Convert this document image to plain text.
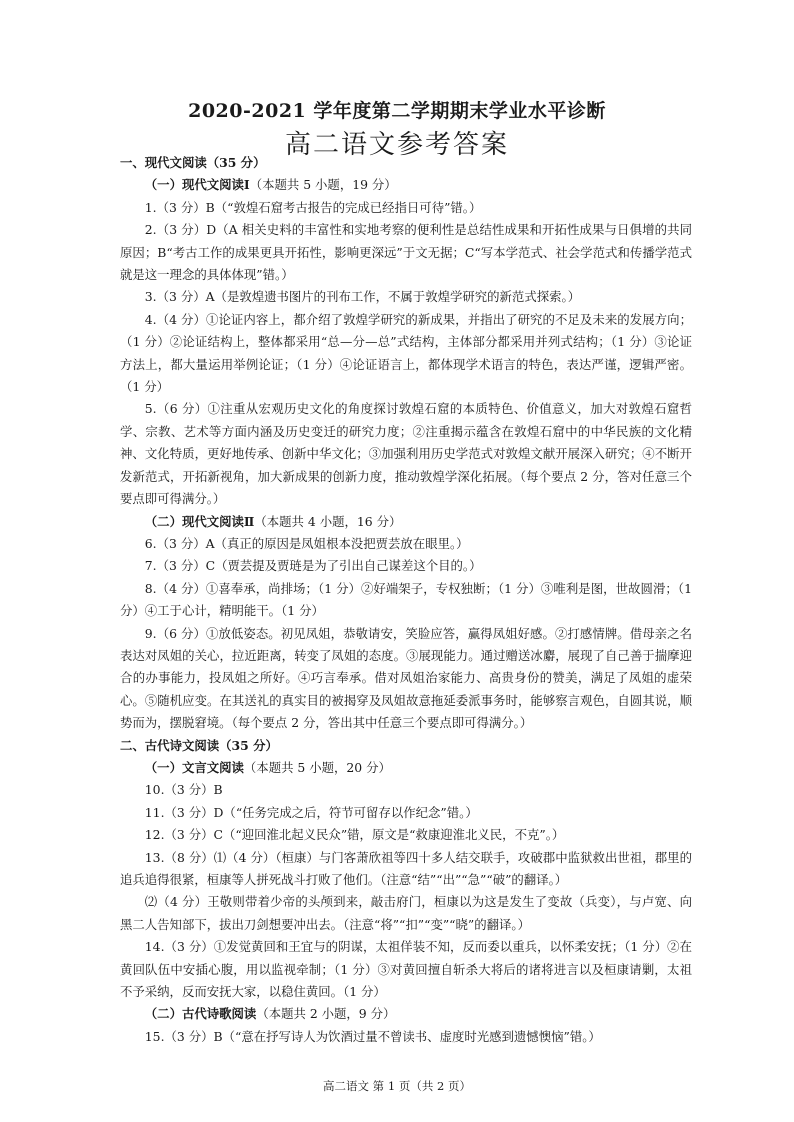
2020-2021 学年度第二学期期末学业水平诊断
高二语文参考答案

一、现代文阅读（35 分）

（一）现代文阅读Ⅰ（本题共 5 小题，19 分）

1.（3 分）B（“敦煌石窟考古报告的完成已经指日可待”错。）

2.（3 分）D（A 相关史料的丰富性和实地考察的便利性是总结性成果和开拓性成果与日俱增的共同原因；B“考古工作的成果更具开拓性，影响更深远”于文无据；C“写本学范式、社会学范式和传播学范式就是这一理念的具体体现”错。）

3.（3 分）A（是敦煌遗书图片的刊布工作，不属于敦煌学研究的新范式探索。）

4.（4 分）①论证内容上，都介绍了敦煌学研究的新成果，并指出了研究的不足及未来的发展方向；（1 分）②论证结构上，整体都采用“总—分—总”式结构，主体部分都采用并列式结构；（1 分）③论证方法上，都大量运用举例论证；（1 分）④论证语言上，都体现学术语言的特色，表达严谨，逻辑严密。（1 分）

5.（6 分）①注重从宏观历史文化的角度探讨敦煌石窟的本质特色、价值意义，加大对敦煌石窟哲学、宗教、艺术等方面内涵及历史变迁的研究力度；②注重揭示蕴含在敦煌石窟中的中华民族的文化精神、文化特质，更好地传承、创新中华文化；③加强利用历史学范式对敦煌文献开展深入研究；④不断开发新范式，开拓新视角，加大新成果的创新力度，推动敦煌学深化拓展。（每个要点 2 分，答对任意三个要点即可得满分。）

（二）现代文阅读Ⅱ（本题共 4 小题，16 分）

6.（3 分）A（真正的原因是凤姐根本没把贾芸放在眼里。）

7.（3 分）C（贾芸提及贾琏是为了引出自己谋差这个目的。）

8.（4 分）①喜奉承，尚排场；（1 分）②好端架子，专权独断；（1 分）③唯利是图，世故圆滑；（1 分）④工于心计，精明能干。（1 分）

9.（6 分）①放低姿态。初见凤姐，恭敬请安，笑脸应答，赢得凤姐好感。②打感情牌。借母亲之名表达对凤姐的关心，拉近距离，转变了凤姐的态度。③展现能力。通过赠送冰麝，展现了自己善于揣摩迎合的办事能力，投凤姐之所好。④巧言奉承。借对凤姐治家能力、高贵身份的赞美，满足了凤姐的虚荣心。⑤随机应变。在其送礼的真实目的被揭穿及凤姐故意拖延委派事务时，能够察言观色，自圆其说，顺势而为，摆脱窘境。（每个要点 2 分，答出其中任意三个要点即可得满分。）

二、古代诗文阅读（35 分）

（一）文言文阅读（本题共 5 小题，20 分）

10.（3 分）B

11.（3 分）D（“任务完成之后，符节可留存以作纪念”错。）

12.（3 分）C（“迎回淮北起义民众”错，原文是“救康迎淮北义民，不克”。）

13.（8 分）⑴（4 分）（桓康）与门客萧欣祖等四十多人结交联手，攻破郡中监狱救出世祖，郡里的追兵追得很紧，桓康等人拼死战斗打败了他们。（注意“结”“出”“急”“破”的翻译。）

⑵（4 分）王敬则带着少帝的头颅到来，敲击府门，桓康以为这是发生了变故（兵变），与卢宽、向黑二人告知部下，拔出刀剑想要冲出去。（注意“将”“扣”“变”“晓”的翻译。）

14.（3 分）①发觉黄回和王宜与的阴谋，太祖佯装不知，反而委以重兵，以怀柔安抚；（1 分）②在黄回队伍中安插心腹，用以监视牵制；（1 分）③对黄回擅自斩杀大将后的诸将进言以及桓康请剿，太祖不予采纳，反而安抚大家，以稳住黄回。（1 分）

（二）古代诗歌阅读（本题共 2 小题，9 分）

15.（3 分）B（“意在抒写诗人为饮酒过量不曾读书、虚度时光感到遗憾懊恼”错。）

高二语文 第 1 页（共 2 页）
